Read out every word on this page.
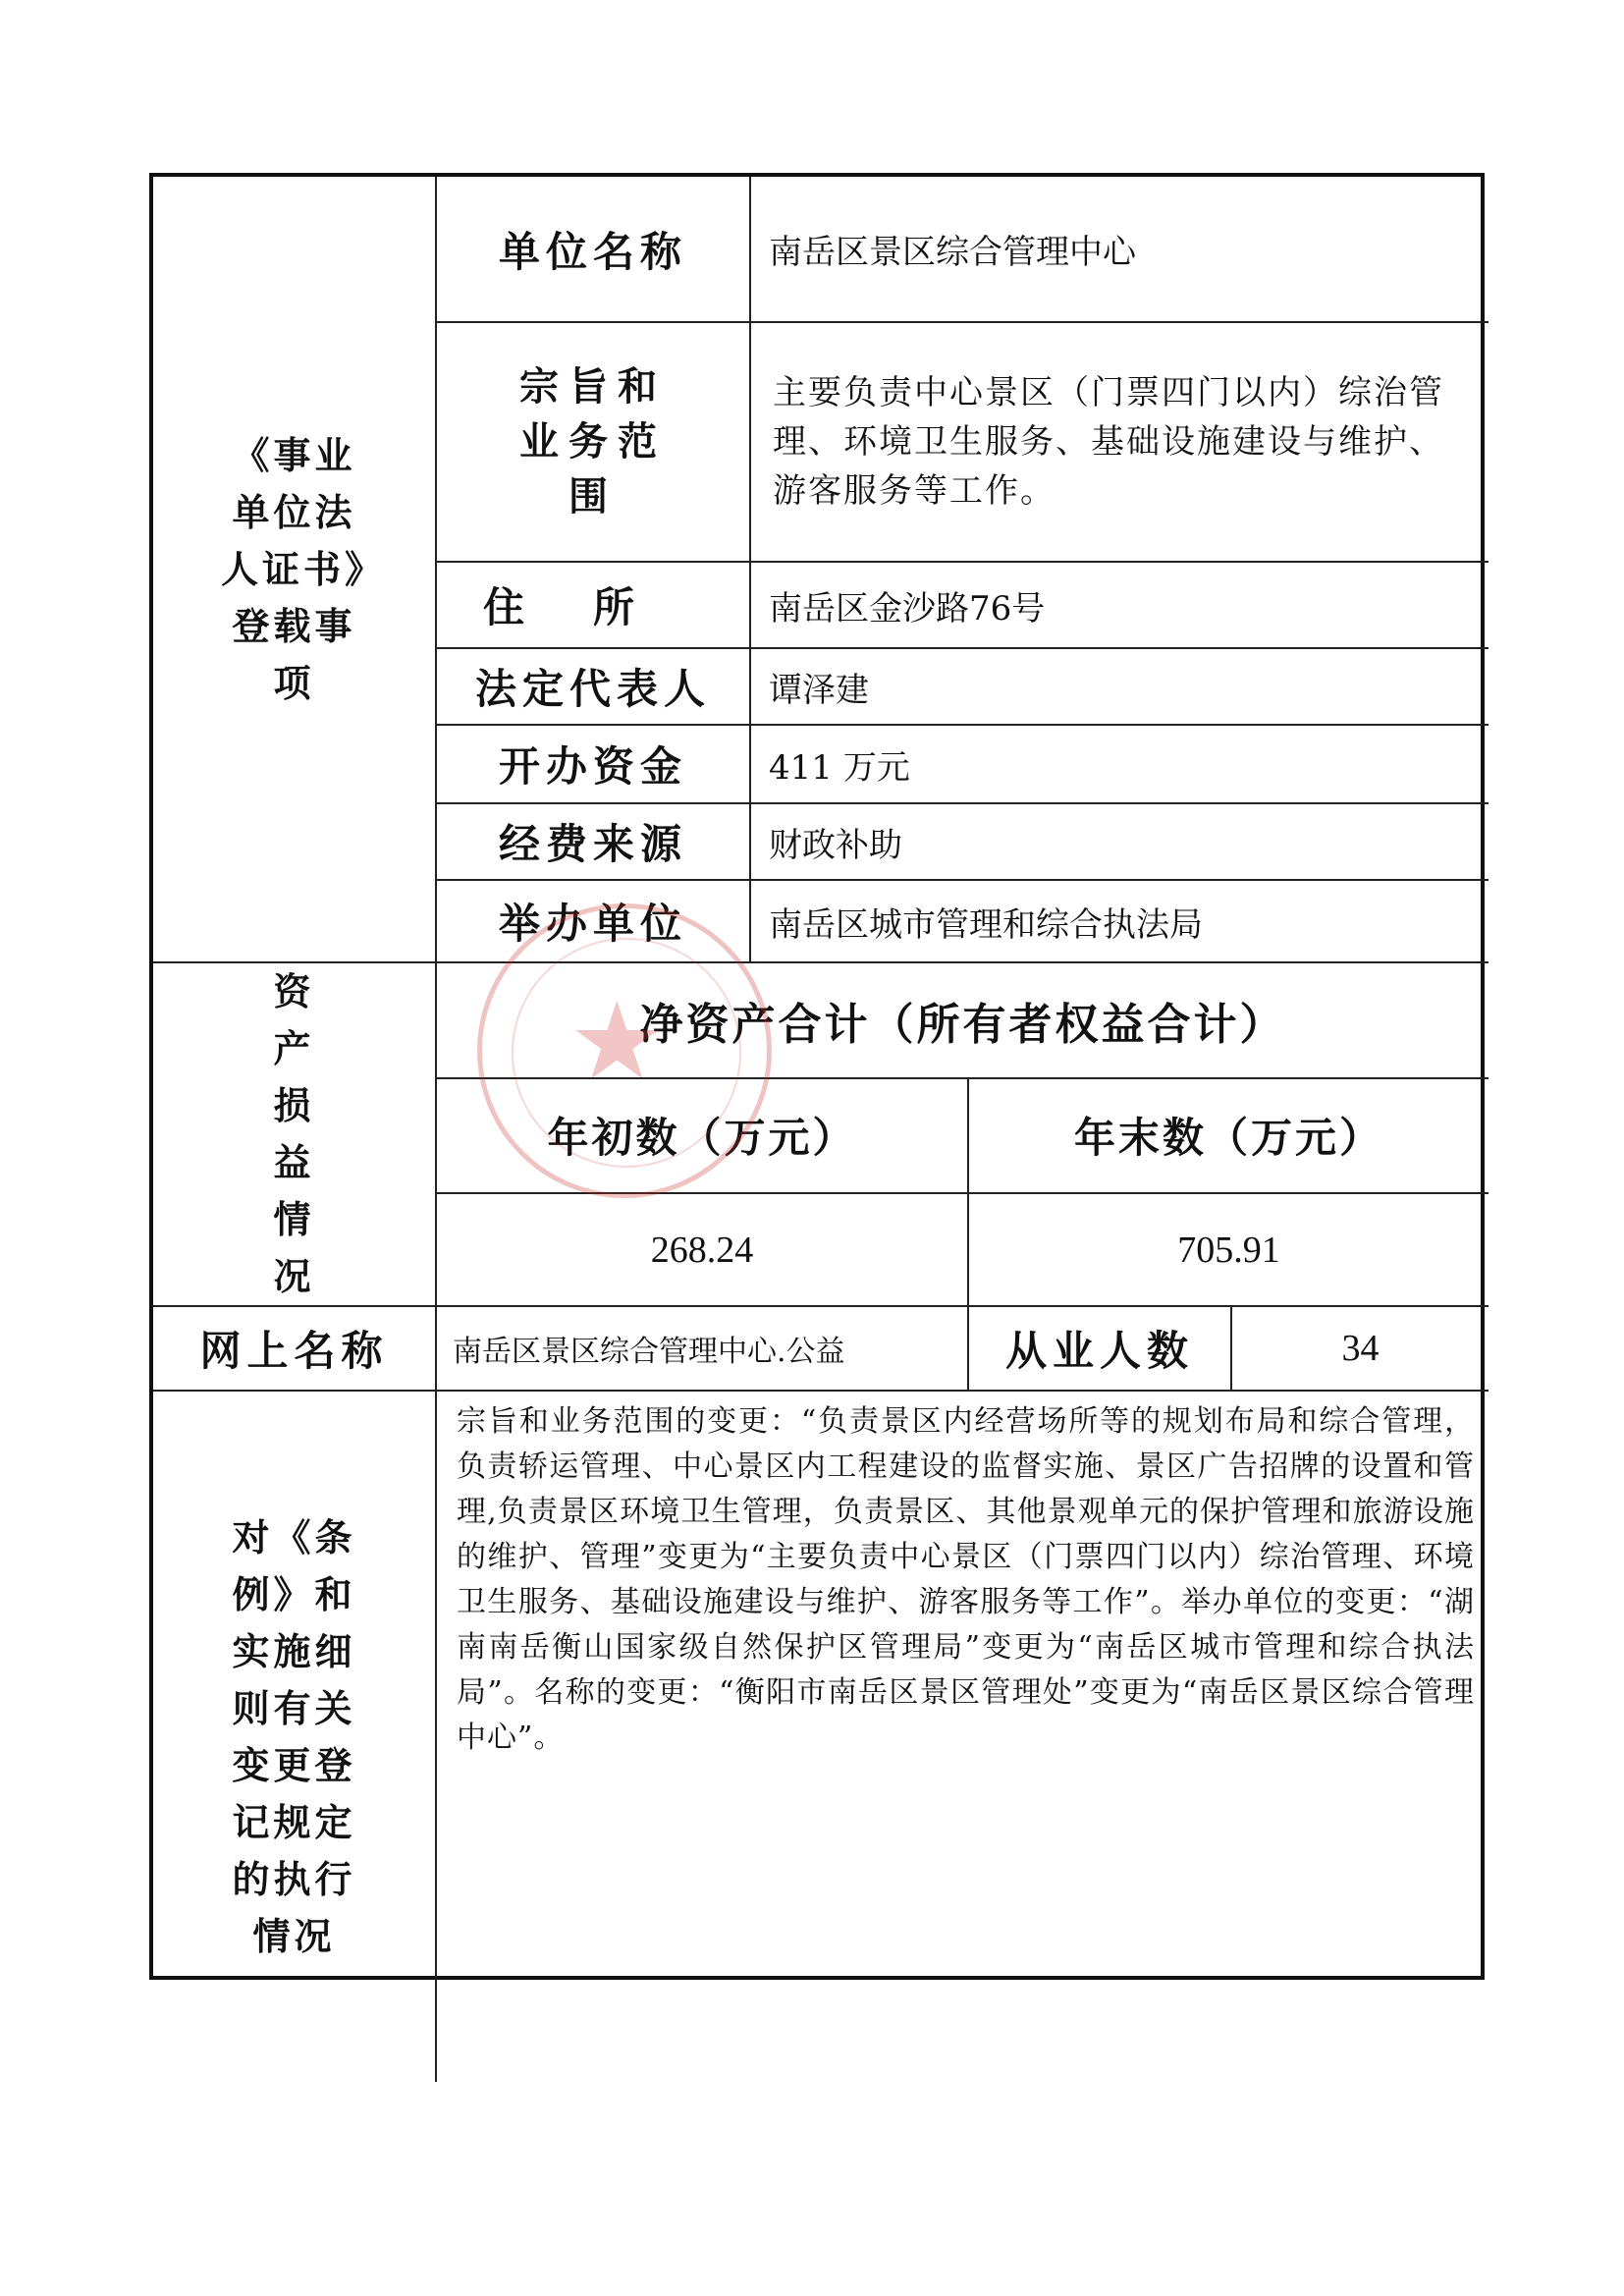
《事业单位法人证书》登载事项	单位名称	南岳区景区综合管理中心		

	宗旨和业务范围	主要负责中心景区（门票四门以内）综治管理、环境卫生服务、基础设施建设与维护、游客服务等工作。		
	住所	南岳区金沙路76号		
	法定代表人	谭泽建		
	开办资金	411 万元		
	经费来源	财政补助		
	举办单位	南岳区城市管理和综合执法局		

资产损益情况	净资产合计（所有者权益合计）			
	年初数（万元）		年末数（万元）	
	268.24		705.91	
网上名称	南岳区景区综合管理中心.公益		从业人数	34

对《条例》和实施细则有关变更登记规定的执行情况	宗旨和业务范围的变更：“负责景区内经营场所等的规划布局和综合管理，负责轿运管理、中心景区内工程建设的监督实施、景区广告招牌的设置和管理,负责景区环境卫生管理，负责景区、其他景观单元的保护管理和旅游设施的维护、管理”变更为“主要负责中心景区（门票四门以内）综治管理、环境卫生服务、基础设施建设与维护、游客服务等工作”。举办单位的变更：“湖南南岳衡山国家级自然保护区管理局”变更为“南岳区城市管理和综合执法局”。名称的变更：“衡阳市南岳区景区管理处”变更为“南岳区景区综合管理中心”。			
★
